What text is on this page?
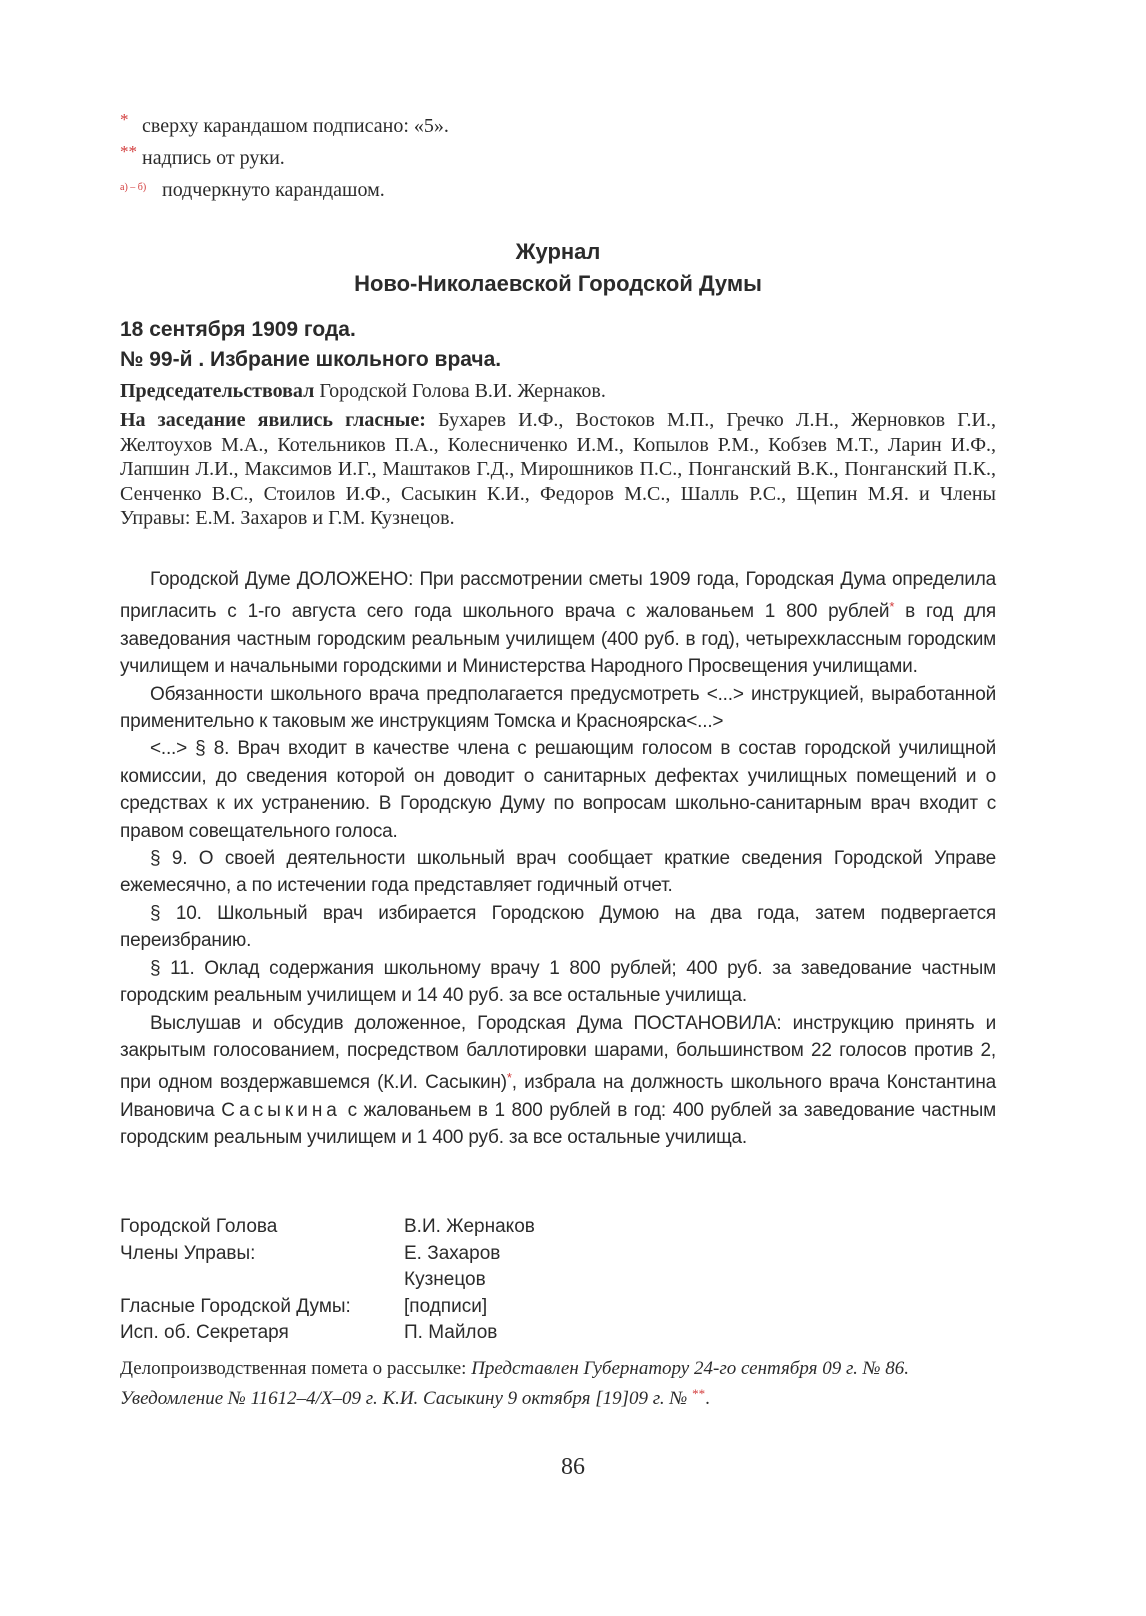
* сверху карандашом подписано: «5».
** надпись от руки.
а) – б) подчеркнуто карандашом.
Журнал
Ново-Николаевской Городской Думы
18 сентября 1909 года.
№ 99-й . Избрание школьного врача.
Председательствовал Городской Голова В.И. Жернаков.
На заседание явились гласные: Бухарев И.Ф., Востоков М.П., Гречко Л.Н., Жерновков Г.И., Желтоухов М.А., Котельников П.А., Колесниченко И.М., Копылов Р.М., Кобзев М.Т., Ларин И.Ф., Лапшин Л.И., Максимов И.Г., Маштаков Г.Д., Мирошников П.С., Понганский В.К., Понганский П.К., Сенченко В.С., Стоилов И.Ф., Сасыкин К.И., Федоров М.С., Шалль Р.С., Щепин М.Я. и Члены Управы: Е.М. Захаров и Г.М. Кузнецов.

Городской Думе ДОЛОЖЕНО: При рассмотрении сметы 1909 года, Городская Дума определила пригласить с 1-го августа сего года школьного врача с жалованьем 1 800 рублей* в год для заведования частным городским реальным училищем (400 руб. в год), четырехклассным городским училищем и начальными городскими и Министерства Народного Просвещения училищами.

Обязанности школьного врача предполагается предусмотреть <...> инструкцией, выработанной применительно к таковым же инструкциям Томска и Красноярска<...>

<...> § 8. Врач входит в качестве члена с решающим голосом в состав городской училищной комиссии, до сведения которой он доводит о санитарных дефектах училищных помещений и о средствах к их устранению. В Городскую Думу по вопросам школьно-санитарным врач входит с правом совещательного голоса.

§ 9. О своей деятельности школьный врач сообщает краткие сведения Городской Управе ежемесячно, а по истечении года представляет годичный отчет.

§ 10. Школьный врач избирается Городскою Думою на два года, затем подвергается переизбранию.

§ 11. Оклад содержания школьному врачу 1 800 рублей; 400 руб. за заведование частным городским реальным училищем и 14 40 руб. за все остальные училища.

Выслушав и обсудив доложенное, Городская Дума ПОСТАНОВИЛА: инструкцию принять и закрытым голосованием, посредством баллотировки шарами, большинством 22 голосов против 2, при одном воздержавшемся (К.И. Сасыкин)*, избрала на должность школьного врача Константина Ивановича Сасыкина с жалованьем в 1 800 рублей в год: 400 рублей за заведование частным городским реальным училищем и 1 400 руб. за все остальные училища.

Городской Голова	В.И. Жернаков
Члены Управы:	Е. Захаров
Кузнецов
Гласные Городской Думы:	[подписи]
Исп. об. Секретаря	П. Майлов
Делопроизводственная помета о рассылке: Представлен Губернатору 24-го сентября 09 г. № 86. Уведомление № 11612–4/X–09 г. К.И. Сасыкину 9 октября [19]09 г. № **.
86
